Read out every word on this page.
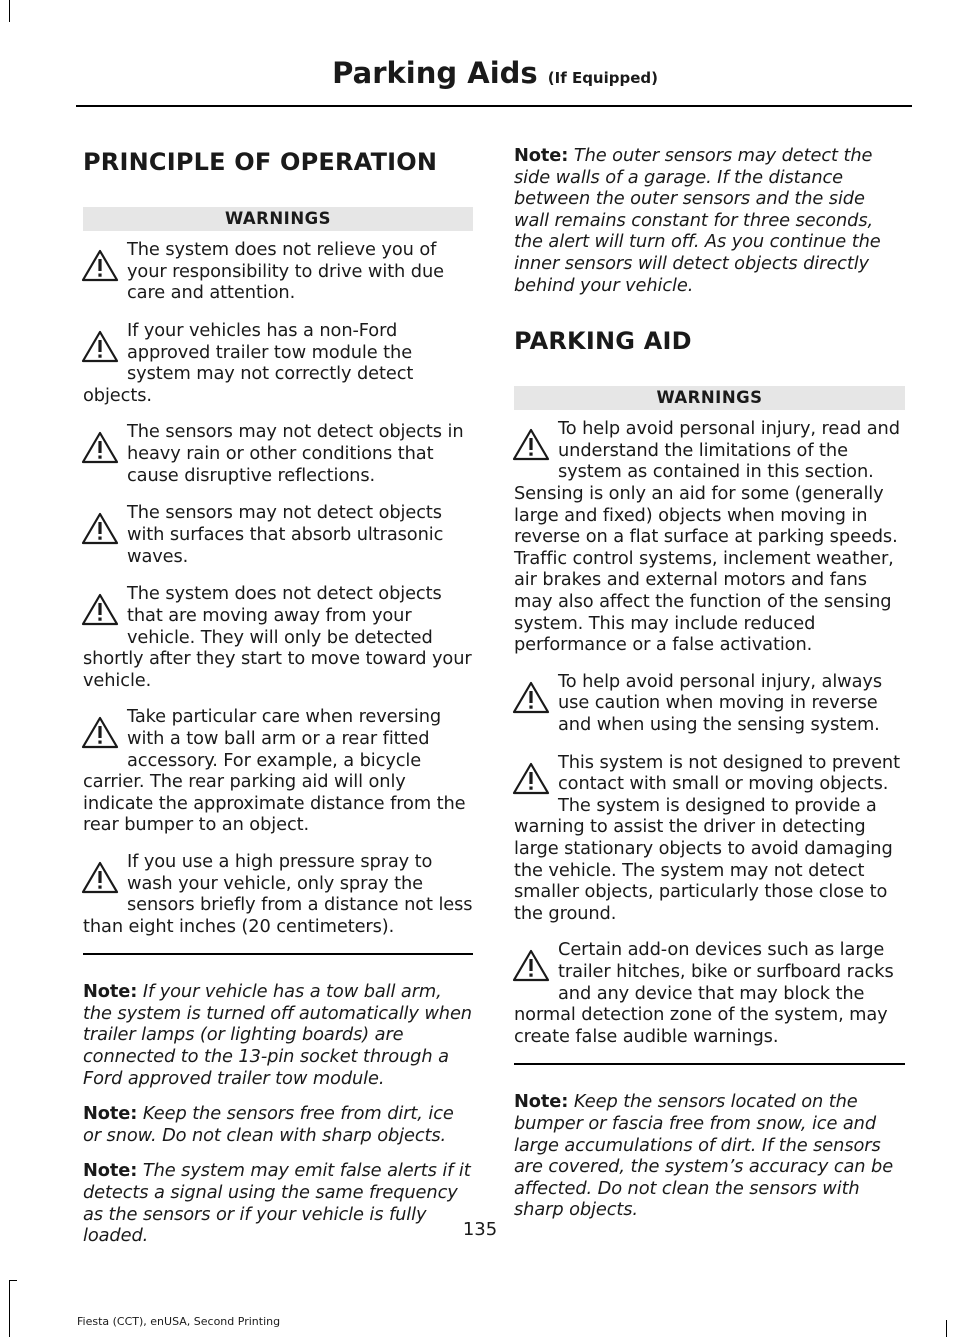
Parking Aids (If Equipped)
PRINCIPLE OF OPERATION
WARNINGS
The system does not relieve you of your responsibility to drive with due care and attention.
If your vehicles has a non-Ford approved trailer tow module the system may not correctly detect objects.
The sensors may not detect objects in heavy rain or other conditions that cause disruptive reflections.
The sensors may not detect objects with surfaces that absorb ultrasonic waves.
The system does not detect objects that are moving away from your vehicle. They will only be detected shortly after they start to move toward your vehicle.
Take particular care when reversing with a tow ball arm or a rear fitted accessory. For example, a bicycle carrier. The rear parking aid will only indicate the approximate distance from the rear bumper to an object.
If you use a high pressure spray to wash your vehicle, only spray the sensors briefly from a distance not less than eight inches (20 centimeters).

Note: If your vehicle has a tow ball arm, the system is turned off automatically when trailer lamps (or lighting boards) are connected to the 13-pin socket through a Ford approved trailer tow module.

Note: Keep the sensors free from dirt, ice or snow. Do not clean with sharp objects.

Note: The system may emit false alerts if it detects a signal using the same frequency as the sensors or if your vehicle is fully loaded.

Note: The outer sensors may detect the side walls of a garage. If the distance between the outer sensors and the side wall remains constant for three seconds, the alert will turn off. As you continue the inner sensors will detect objects directly behind your vehicle.

PARKING AID
WARNINGS
To help avoid personal injury, read and understand the limitations of the system as contained in this section. Sensing is only an aid for some (generally large and fixed) objects when moving in reverse on a flat surface at parking speeds. Traffic control systems, inclement weather, air brakes and external motors and fans may also affect the function of the sensing system. This may include reduced performance or a false activation.
To help avoid personal injury, always use caution when moving in reverse and when using the sensing system.
This system is not designed to prevent contact with small or moving objects. The system is designed to provide a warning to assist the driver in detecting large stationary objects to avoid damaging the vehicle. The system may not detect smaller objects, particularly those close to the ground.
Certain add-on devices such as large trailer hitches, bike or surfboard racks and any device that may block the normal detection zone of the system, may create false audible warnings.

Note: Keep the sensors located on the bumper or fascia free from snow, ice and large accumulations of dirt. If the sensors are covered, the system’s accuracy can be affected. Do not clean the sensors with sharp objects.

135
Fiesta (CCT), enUSA, Second Printing
